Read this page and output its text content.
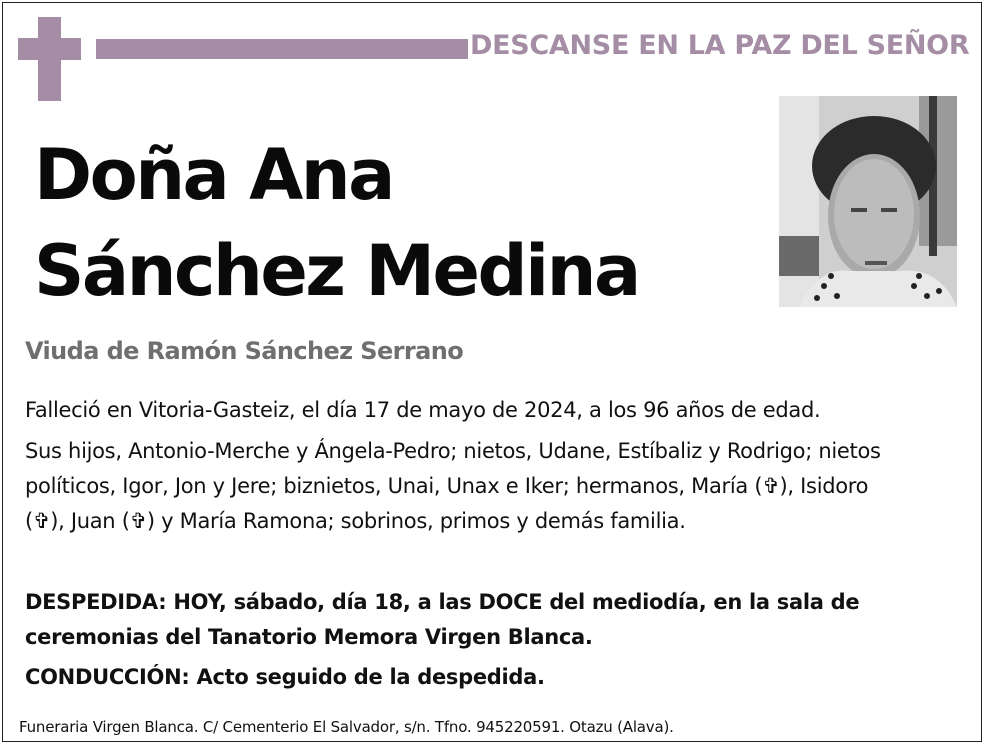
DESCANSE EN LA PAZ DEL SEÑOR
Doña Ana
Sánchez Medina
Viuda de Ramón Sánchez Serrano
Falleció en Vitoria-Gasteiz, el día 17 de mayo de 2024, a los 96 años de edad.
Sus hijos, Antonio-Merche y Ángela-Pedro; nietos, Udane, Estíbaliz y Rodrigo; nietos políticos, Igor, Jon y Jere; biznietos, Unai, Unax e Iker; hermanos, María (✞), Isidoro (✞), Juan (✞) y María Ramona; sobrinos, primos y demás familia.
DESPEDIDA: HOY, sábado, día 18, a las DOCE del mediodía, en la sala de ceremonias del Tanatorio Memora Virgen Blanca.
CONDUCCIÓN: Acto seguido de la despedida.
Funeraria Virgen Blanca. C/ Cementerio El Salvador, s/n. Tfno. 945220591. Otazu (Alava).
